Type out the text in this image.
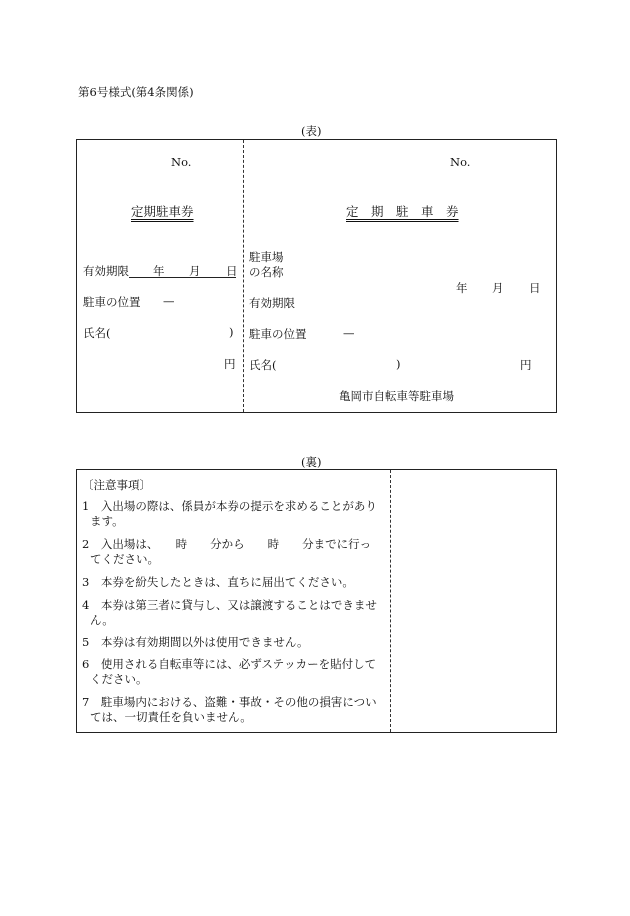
第6号様式(第4条関係)
(表)
No.
定期駐車券
有効期限 年 月 日
駐車の位置 —
氏名(	)
円
No.
定　期　駐　車　券
駐車場
の名称
年 月 日
有効期限
駐車の位置	—
氏名(	)	円
亀岡市自転車等駐車場
(裏)
〔注意事項〕
1　入出場の際は、係員が本券の提示を求めることがあり
ます。
2　入出場は、　　時　　分から　　時　　分までに行っ
てください。
3　本券を紛失したときは、直ちに届出てください。
4　本券は第三者に貸与し、又は譲渡することはできませ
ん。
5　本券は有効期間以外は使用できません。
6　使用される自転車等には、必ずステッカーを貼付して
ください。
7　駐車場内における、盗難・事故・その他の損害につい
ては、一切責任を負いません。
